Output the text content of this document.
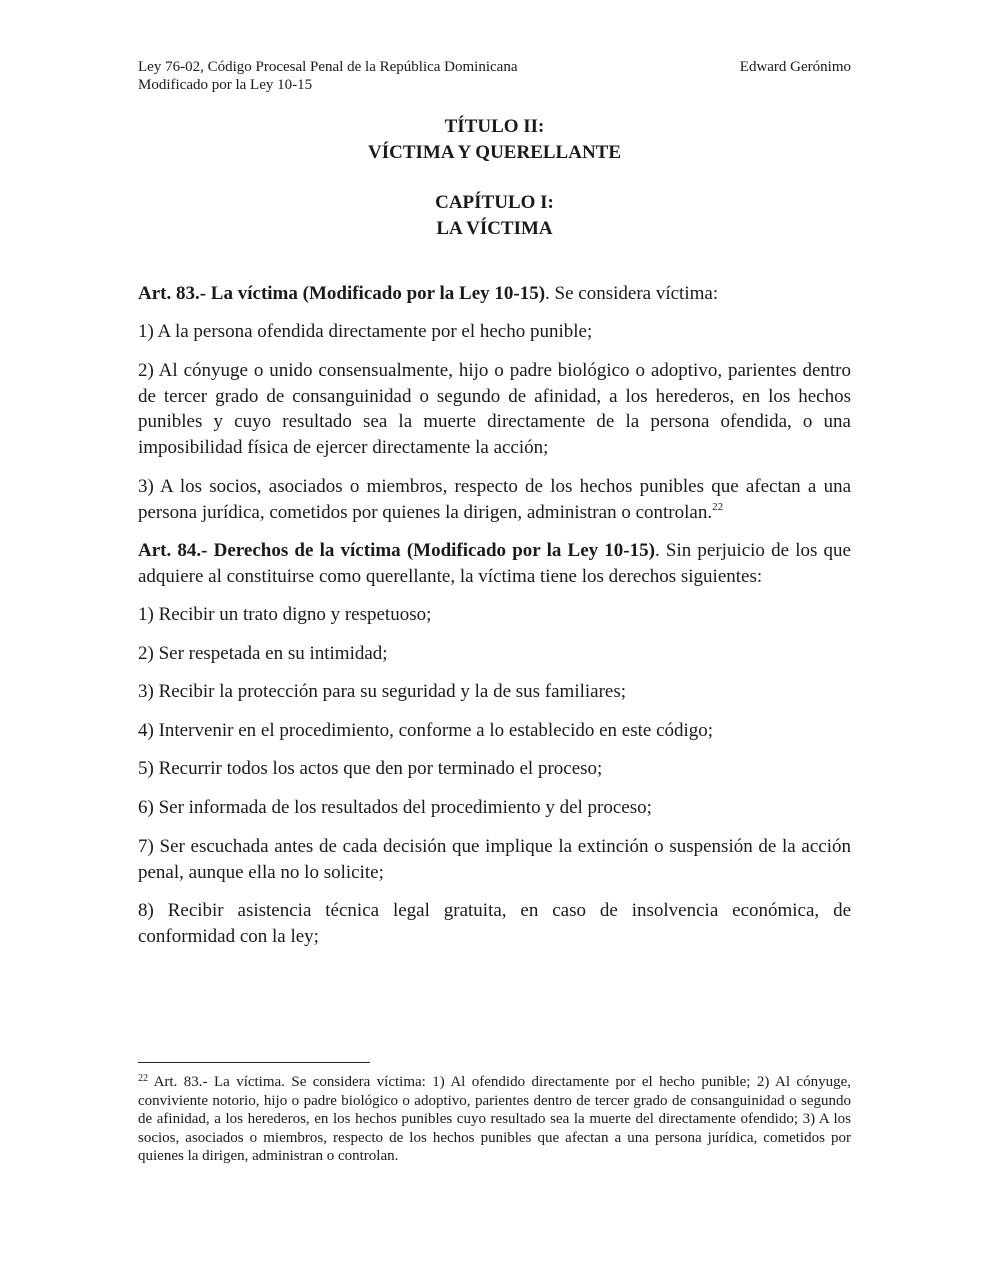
Ley 76-02, Código Procesal Penal de la República Dominicana	Edward Gerónimo
Modificado por la Ley 10-15
TÍTULO II:
VÍCTIMA Y QUERELLANTE
CAPÍTULO I:
LA VÍCTIMA

Art. 83.- La víctima (Modificado por la Ley 10-15). Se considera víctima:

1) A la persona ofendida directamente por el hecho punible;

2) Al cónyuge o unido consensualmente, hijo o padre biológico o adoptivo, parientes dentro de tercer grado de consanguinidad o segundo de afinidad, a los herederos, en los hechos punibles y cuyo resultado sea la muerte directamente de la persona ofendida, o una imposibilidad física de ejercer directamente la acción;

3) A los socios, asociados o miembros, respecto de los hechos punibles que afectan a una persona jurídica, cometidos por quienes la dirigen, administran o controlan.$^{22}$

Art. 84.- Derechos de la víctima (Modificado por la Ley 10-15). Sin perjuicio de los que adquiere al constituirse como querellante, la víctima tiene los derechos siguientes:

1) Recibir un trato digno y respetuoso;

2) Ser respetada en su intimidad;

3) Recibir la protección para su seguridad y la de sus familiares;

4) Intervenir en el procedimiento, conforme a lo establecido en este código;

5) Recurrir todos los actos que den por terminado el proceso;

6) Ser informada de los resultados del procedimiento y del proceso;

7) Ser escuchada antes de cada decisión que implique la extinción o suspensión de la acción penal, aunque ella no lo solicite;

8) Recibir asistencia técnica legal gratuita, en caso de insolvencia económica, de conformidad con la ley;

$^{22}$ Art. 83.- La víctima. Se considera víctima: 1) Al ofendido directamente por el hecho punible; 2) Al cónyuge, conviviente notorio, hijo o padre biológico o adoptivo, parientes dentro de tercer grado de consanguinidad o segundo de afinidad, a los herederos, en los hechos punibles cuyo resultado sea la muerte del directamente ofendido; 3) A los socios, asociados o miembros, respecto de los hechos punibles que afectan a una persona jurídica, cometidos por quienes la dirigen, administran o controlan.
